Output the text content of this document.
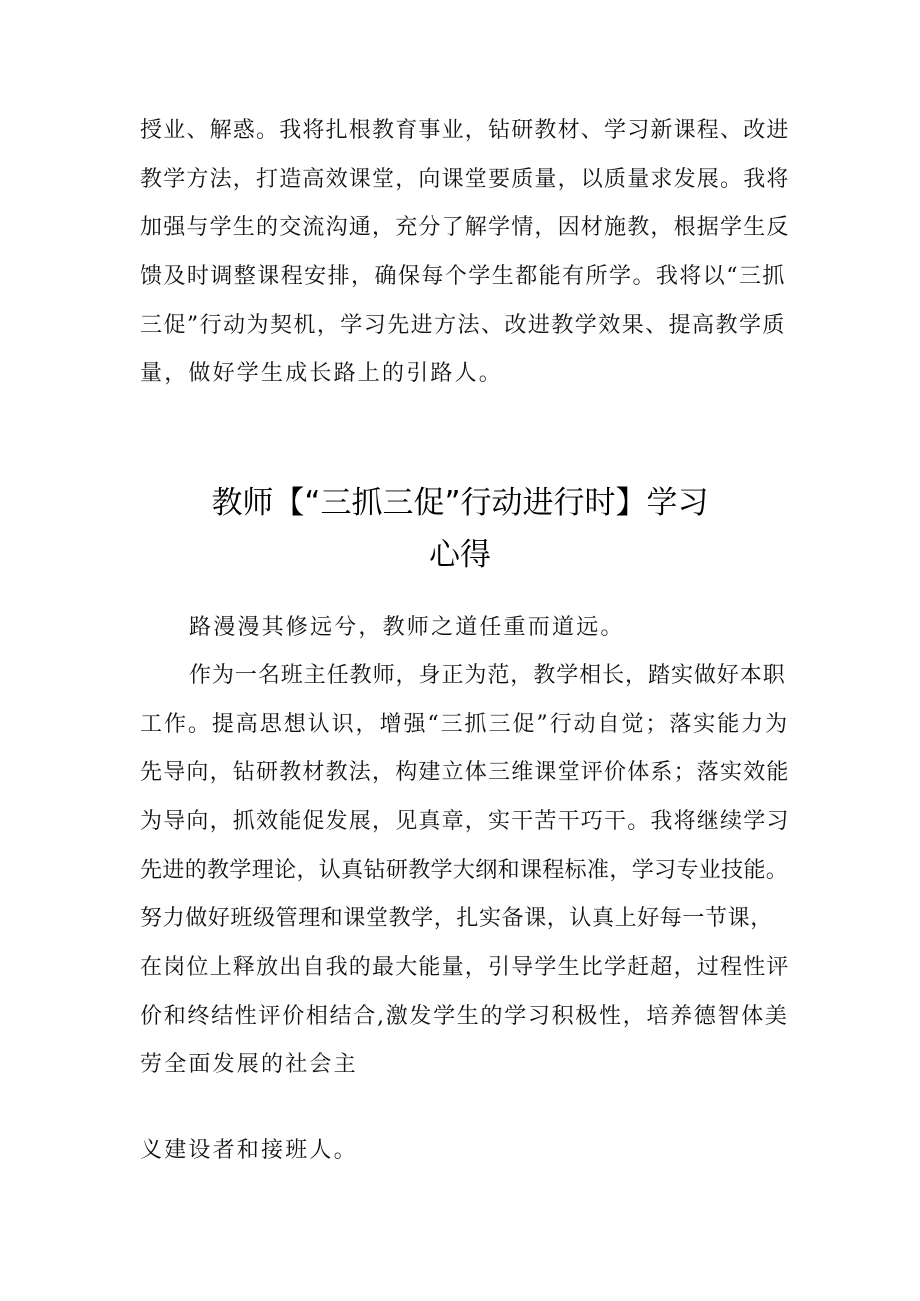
授业、解惑。我将扎根教育事业，钻研教材、学习新课程、改进
教学方法，打造高效课堂，向课堂要质量，以质量求发展。我将
加强与学生的交流沟通，充分了解学情，因材施教，根据学生反
馈及时调整课程安排，确保每个学生都能有所学。我将以“三抓
三促”行动为契机，学习先进方法、改进教学效果、提高教学质
量，做好学生成长路上的引路人。
教师【“三抓三促”行动进行时】学习
心得
路漫漫其修远兮，教师之道任重而道远。
作为一名班主任教师，身正为范，教学相长，踏实做好本职
工作。提高思想认识，增强“三抓三促”行动自觉；落实能力为
先导向，钻研教材教法，构建立体三维课堂评价体系；落实效能
为导向，抓效能促发展，见真章，实干苦干巧干。我将继续学习
先进的教学理论，认真钻研教学大纲和课程标准，学习专业技能。
努力做好班级管理和课堂教学，扎实备课，认真上好每一节课，
在岗位上释放出自我的最大能量，引导学生比学赶超，过程性评
价和终结性评价相结合,激发学生的学习积极性，培养德智体美
劳全面发展的社会主
义建设者和接班人。
